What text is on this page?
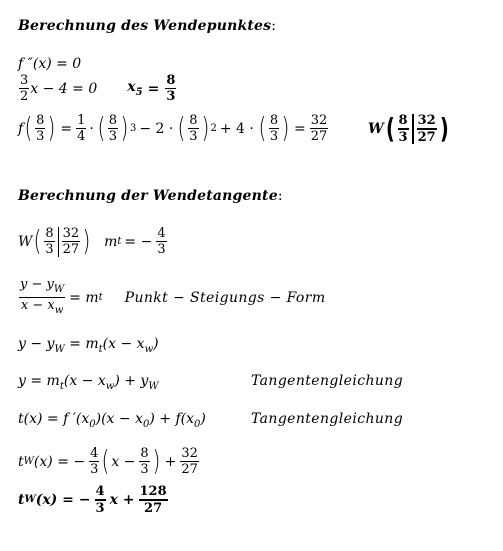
Berechnung des Wendepunktes:
f ″(x) = 0
$\frac{3}{2}$ x − 4 = 0 $x_5 = \frac{8}{3}$
f ( $\frac{8}{3}$ ) = $\frac{1}{4}$ · ( $\frac{8}{3}$ ) 3 − 2 · ( $\frac{8}{3}$ ) 2 + 4 · ( $\frac{8}{3}$ ) = $\frac{32}{27}$	W ( $\frac{8}{3} \frac{32}{27}$ )
Berechnung der Wendetangente:
W ( $\frac{8}{3} \frac{32}{27}$ ) m t = − $\frac{4}{3}$
$\frac{y - y_W}{x - x_w} = m$ t Punkt − Steigungs − Form
$y - y_W = m_t(x - x_w)$
$y = m_t(x - x_w) + y_W$	Tangentengleichung
t(x) = f $'(x_0)(x - x_0) + f(x_0)$	Tangentengleichung
t W (x) = − $\frac{4}{3}$ ( $x - \frac{8}{3}$ ) + $\frac{32}{27}$
t W (x) = − $\frac{4}{3}$ $x + \frac{128}{27}$
